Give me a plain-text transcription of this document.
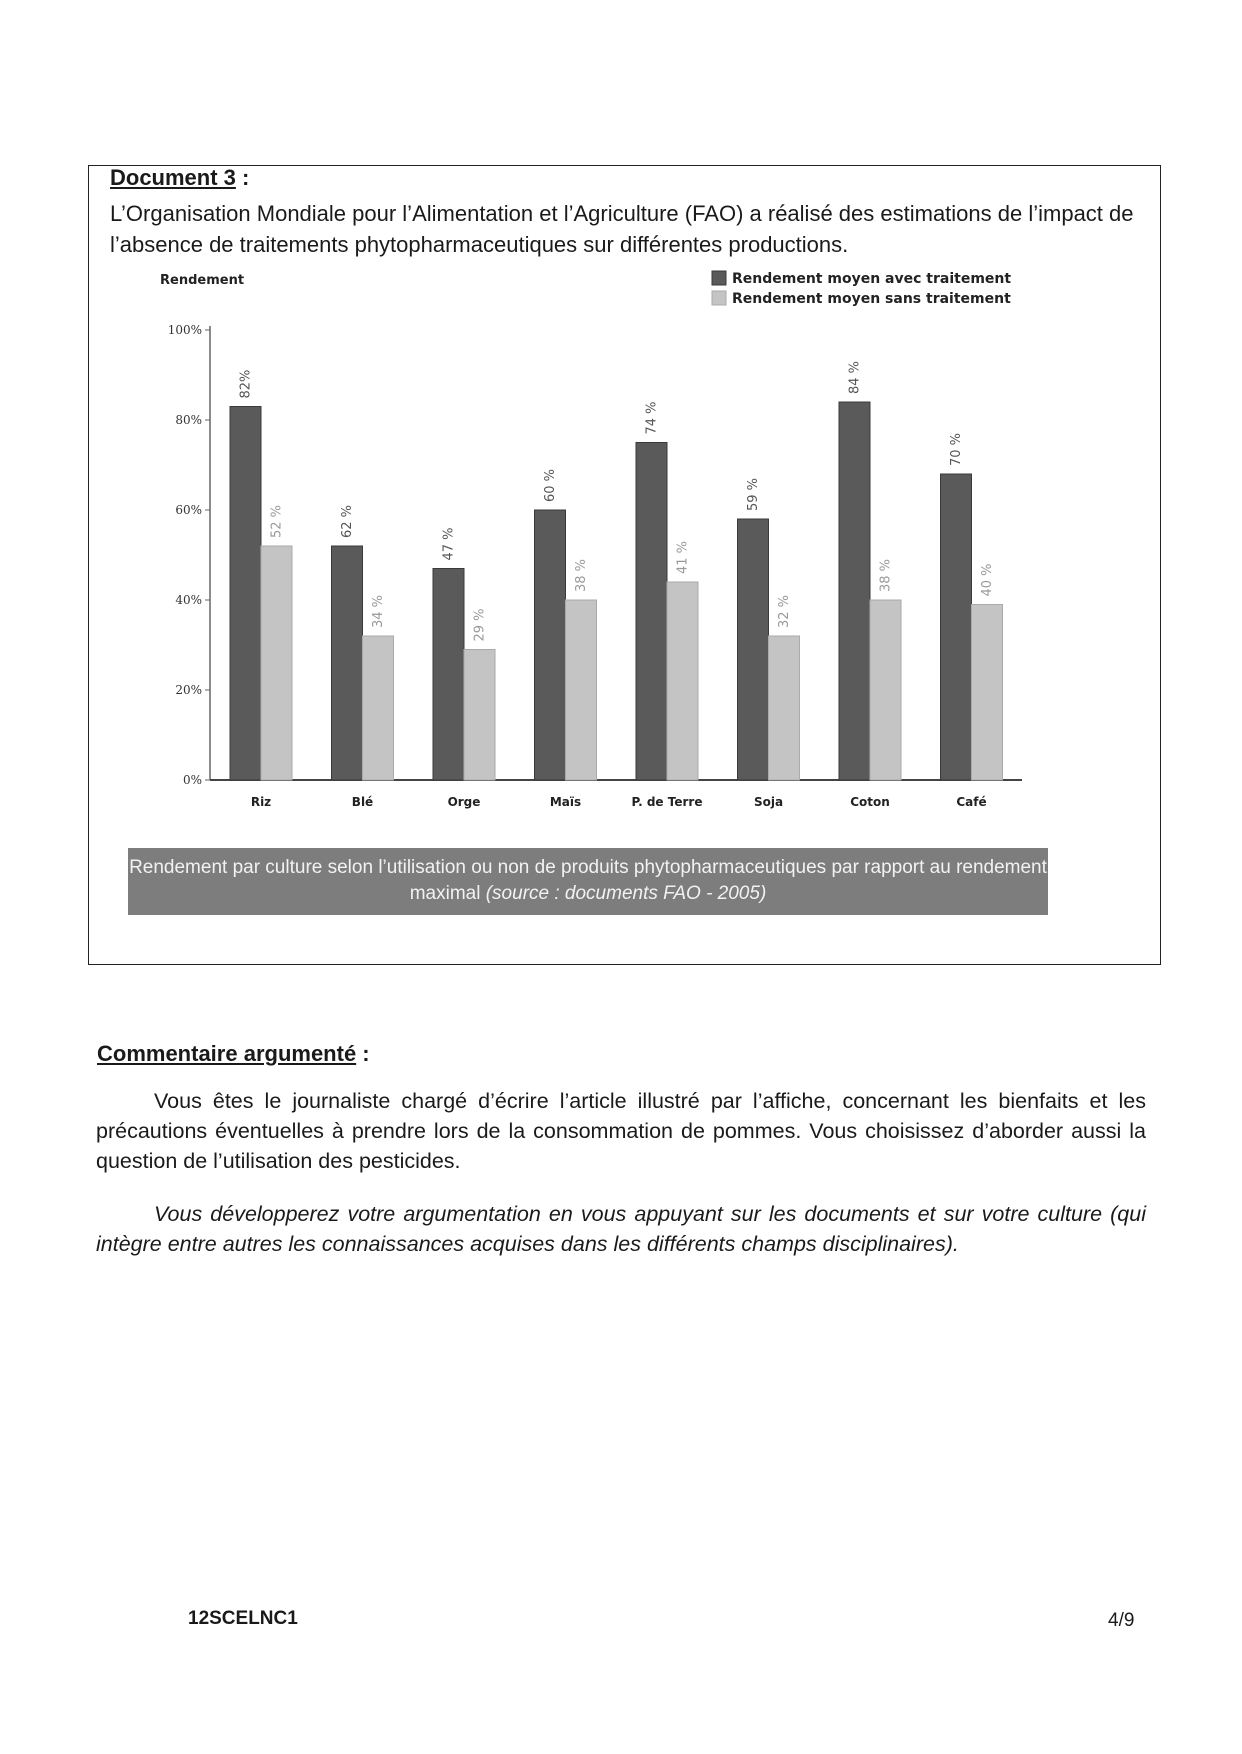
Document 3 :

L’Organisation Mondiale pour l’Alimentation et l’Agriculture (FAO) a réalisé des estimations de l’impact de l’absence de traitements phytopharmaceutiques sur différentes productions.

Rendement moyen avec traitement
Rendement moyen sans traitement
Rendement
0%
20%
40%
60%
80%
100%
82%
52 %
Riz
62 %
34 %
Blé
47 %
29 %
Orge
60 %
38 %
Maïs
74 %
41 %
P. de Terre
59 %
32 %
Soja
84 %
38 %
Coton
70 %
40 %
Café
Rendement par culture selon l’utilisation ou non de produits phytopharmaceutiques par rapport au rendement maximal (source : documents FAO - 2005)
Commentaire argumenté :

Vous êtes le journaliste chargé d’écrire l’article illustré par l’affiche, concernant les bienfaits et les précautions éventuelles à prendre lors de la consommation de pommes. Vous choisissez d’aborder aussi la question de l’utilisation des pesticides.

Vous développerez votre argumentation en vous appuyant sur les documents et sur votre culture (qui intègre entre autres les connaissances acquises dans les différents champs disciplinaires).

12SCELNC1	4/9
